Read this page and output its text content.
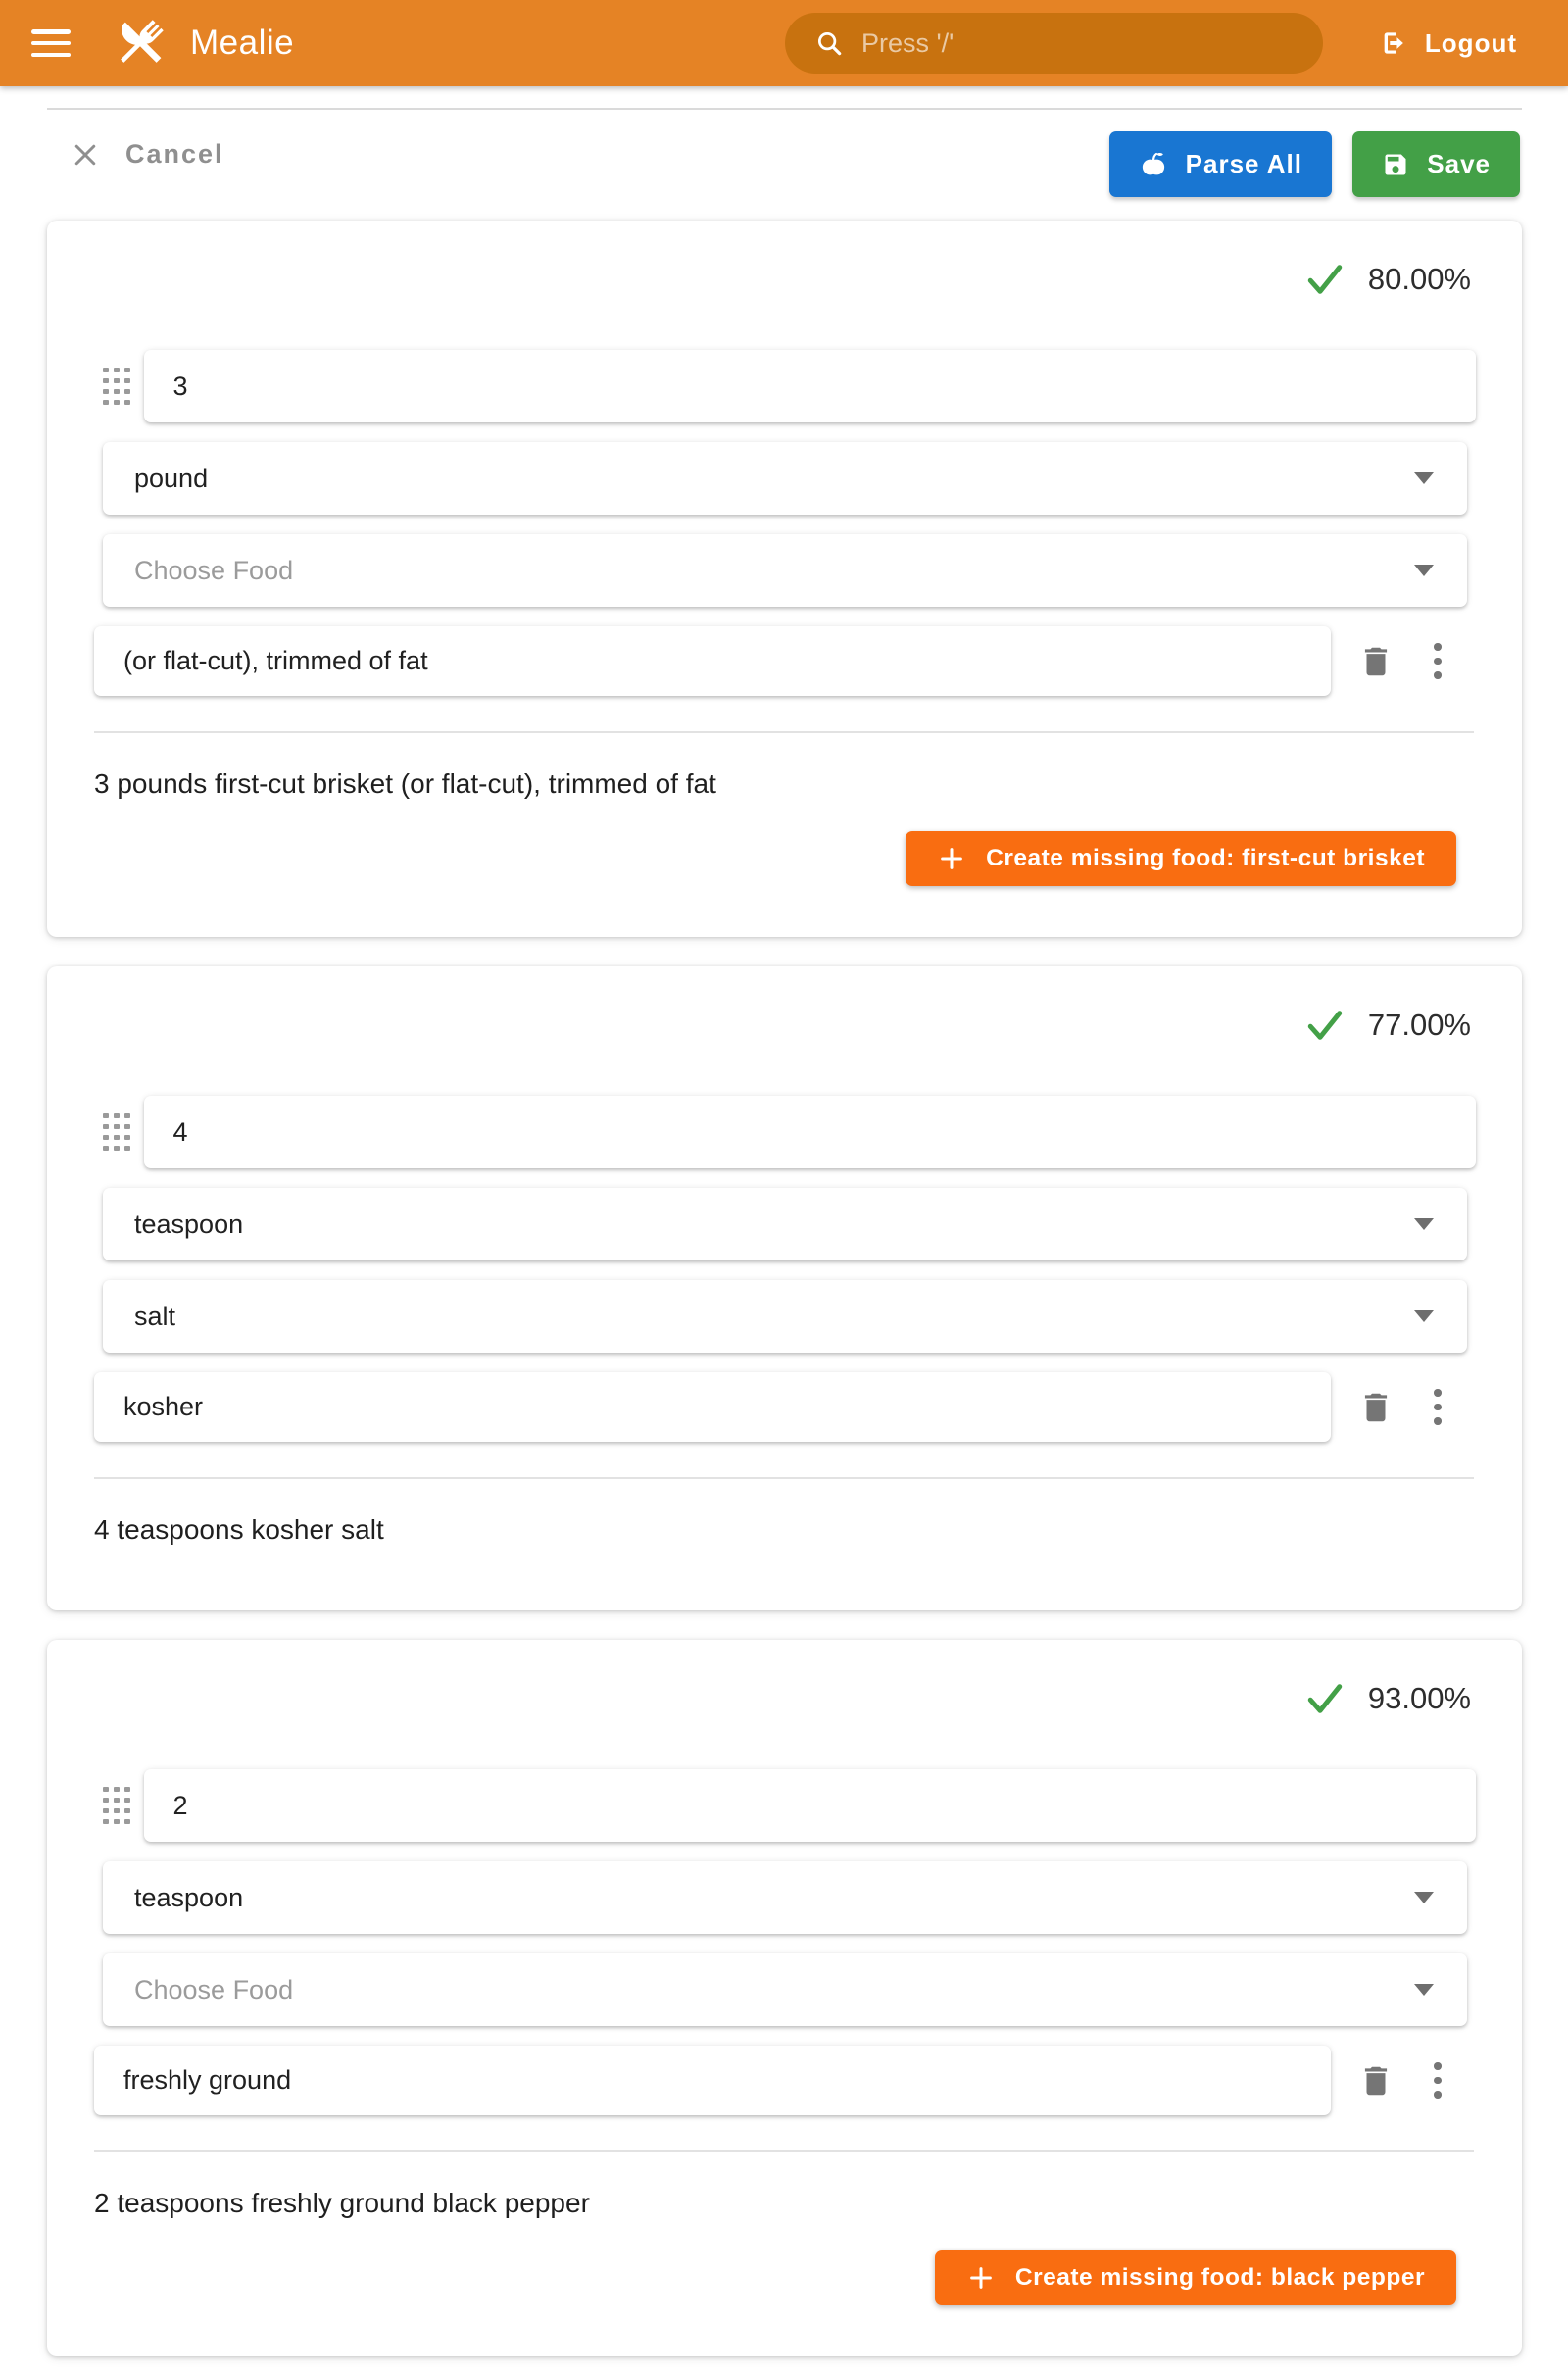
Mealie
Press '/'	Logout
Cancel	Parse All	Save
80.00%
3
pound
Choose Food
(or flat-cut), trimmed of fat

3 pounds first-cut brisket (or flat-cut), trimmed of fat

Create missing food: first-cut brisket
77.00%
4
teaspoon
salt
kosher

4 teaspoons kosher salt

93.00%
2
teaspoon
Choose Food
freshly ground

2 teaspoons freshly ground black pepper

Create missing food: black pepper
